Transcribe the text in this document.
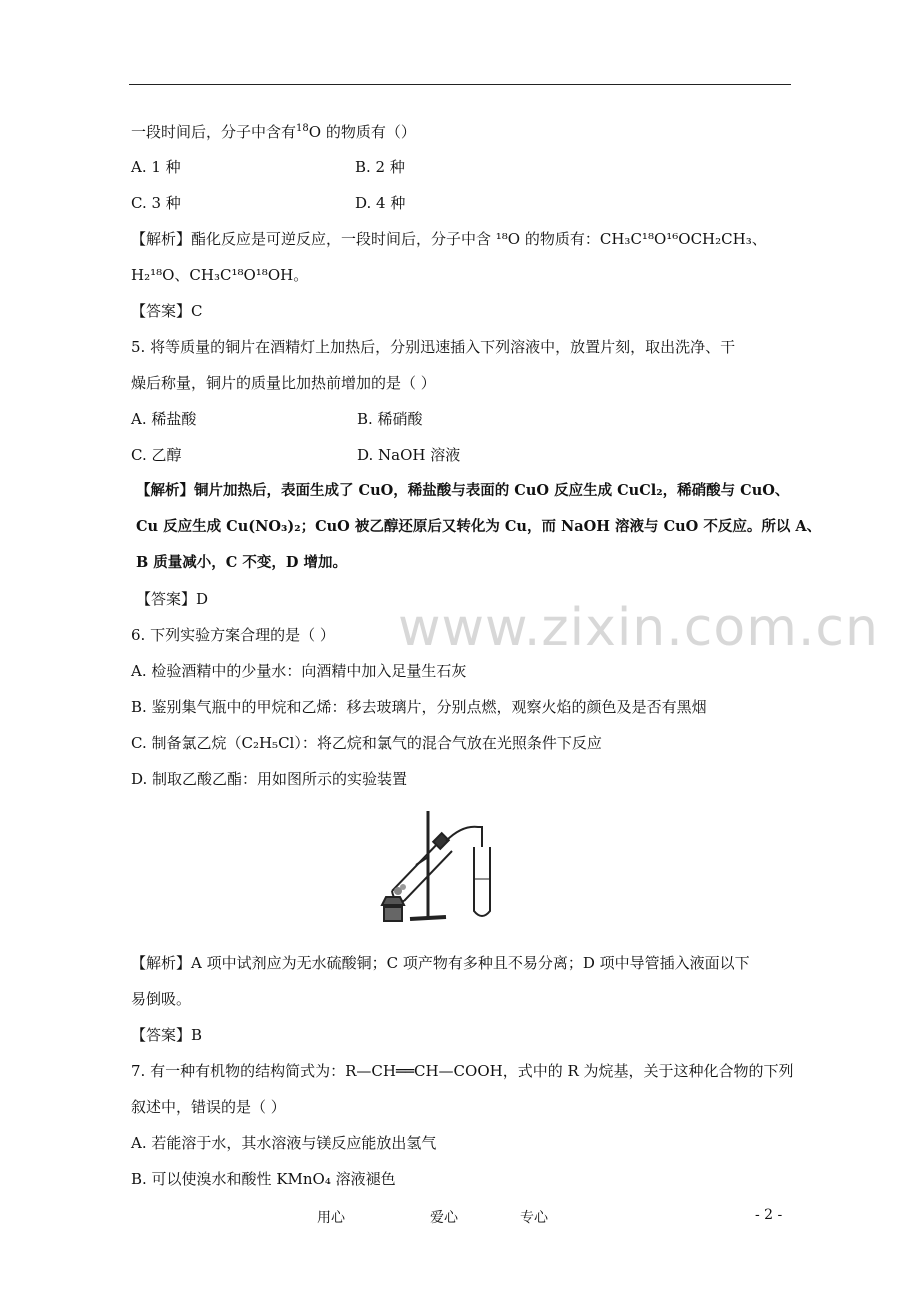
一段时间后，分子中含有$^{18}$O 的物质有（）
A. 1 种	B. 2 种
C. 3 种	D. 4 种
【解析】酯化反应是可逆反应，一段时间后，分子中含 ¹⁸O 的物质有：CH₃C¹⁸O¹⁶OCH₂CH₃、
H₂¹⁸O、CH₃C¹⁸O¹⁸OH。
【答案】C
5. 将等质量的铜片在酒精灯上加热后，分别迅速插入下列溶液中，放置片刻，取出洗净、干
燥后称量，铜片的质量比加热前增加的是（ ）
A. 稀盐酸	B. 稀硝酸
C. 乙醇	D. NaOH 溶液
【解析】铜片加热后，表面生成了 CuO，稀盐酸与表面的 CuO 反应生成 CuCl₂，稀硝酸与 CuO、
Cu 反应生成 Cu(NO₃)₂；CuO 被乙醇还原后又转化为 Cu，而 NaOH 溶液与 CuO 不反应。所以 A、
B 质量减小，C 不变，D 增加。
【答案】D	www.zixin.com.cn
6. 下列实验方案合理的是（ ）
A. 检验酒精中的少量水：向酒精中加入足量生石灰
B. 鉴别集气瓶中的甲烷和乙烯：移去玻璃片，分别点燃，观察火焰的颜色及是否有黑烟
C. 制备氯乙烷（C₂H₅Cl）：将乙烷和氯气的混合气放在光照条件下反应
D. 制取乙酸乙酯：用如图所示的实验装置
【解析】A 项中试剂应为无水硫酸铜；C 项产物有多种且不易分离；D 项中导管插入液面以下
易倒吸。
【答案】B
7. 有一种有机物的结构简式为：R—CH══CH—COOH，式中的 R 为烷基，关于这种化合物的下列
叙述中，错误的是（ ）
A. 若能溶于水，其水溶液与镁反应能放出氢气
B. 可以使溴水和酸性 KMnO₄ 溶液褪色
用心	爱心	专心	- 2 -
